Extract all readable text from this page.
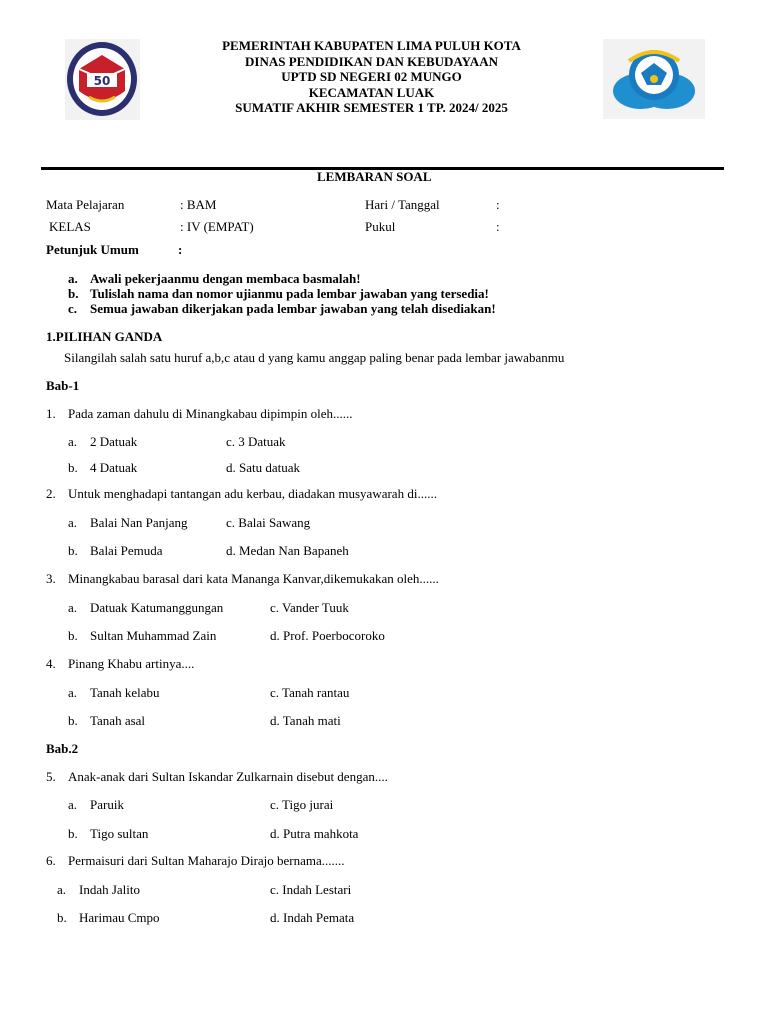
50
PEMERINTAH KABUPATEN LIMA PULUH KOTA
DINAS PENDIDIKAN DAN KEBUDAYAAN
UPTD SD NEGERI 02 MUNGO
KECAMATAN LUAK
SUMATIF AKHIR SEMESTER 1 TP. 2024/ 2025
LEMBARAN SOAL
Mata Pelajaran	: BAM	Hari / Tanggal	:
KELAS	: IV (EMPAT)	Pukul	:
Petunjuk Umum	:
a. Awali pekerjaanmu dengan membaca basmalah!
b. Tulislah nama dan nomor ujianmu pada lembar jawaban yang tersedia!
c. Semua jawaban dikerjakan pada lembar jawaban yang telah disediakan!
1.PILIHAN GANDA
Silangilah salah satu huruf a,b,c atau d yang kamu anggap paling benar pada lembar jawabanmu
Bab-1
1. Pada zaman dahulu di Minangkabau dipimpin oleh......
a. 2 Datuak	c. 3 Datuak
b. 4 Datuak	d. Satu datuak
2. Untuk menghadapi tantangan adu kerbau, diadakan musyawarah di......
a. Balai Nan Panjang	c. Balai Sawang
b. Balai Pemuda	d. Medan Nan Bapaneh
3. Minangkabau barasal dari kata Mananga Kanvar,dikemukakan oleh......
a. Datuak Katumanggungan	c. Vander Tuuk
b. Sultan Muhammad Zain	d. Prof. Poerbocoroko
4. Pinang Khabu artinya....
a. Tanah kelabu	c. Tanah rantau
b. Tanah asal	d. Tanah mati
Bab.2
5. Anak-anak dari Sultan Iskandar Zulkarnain disebut dengan....
a. Paruik	c. Tigo jurai
b. Tigo sultan	d. Putra mahkota
6. Permaisuri dari Sultan Maharajo Dirajo bernama.......
a. Indah Jalito	c. Indah Lestari
b. Harimau Cmpo	d. Indah Pemata
